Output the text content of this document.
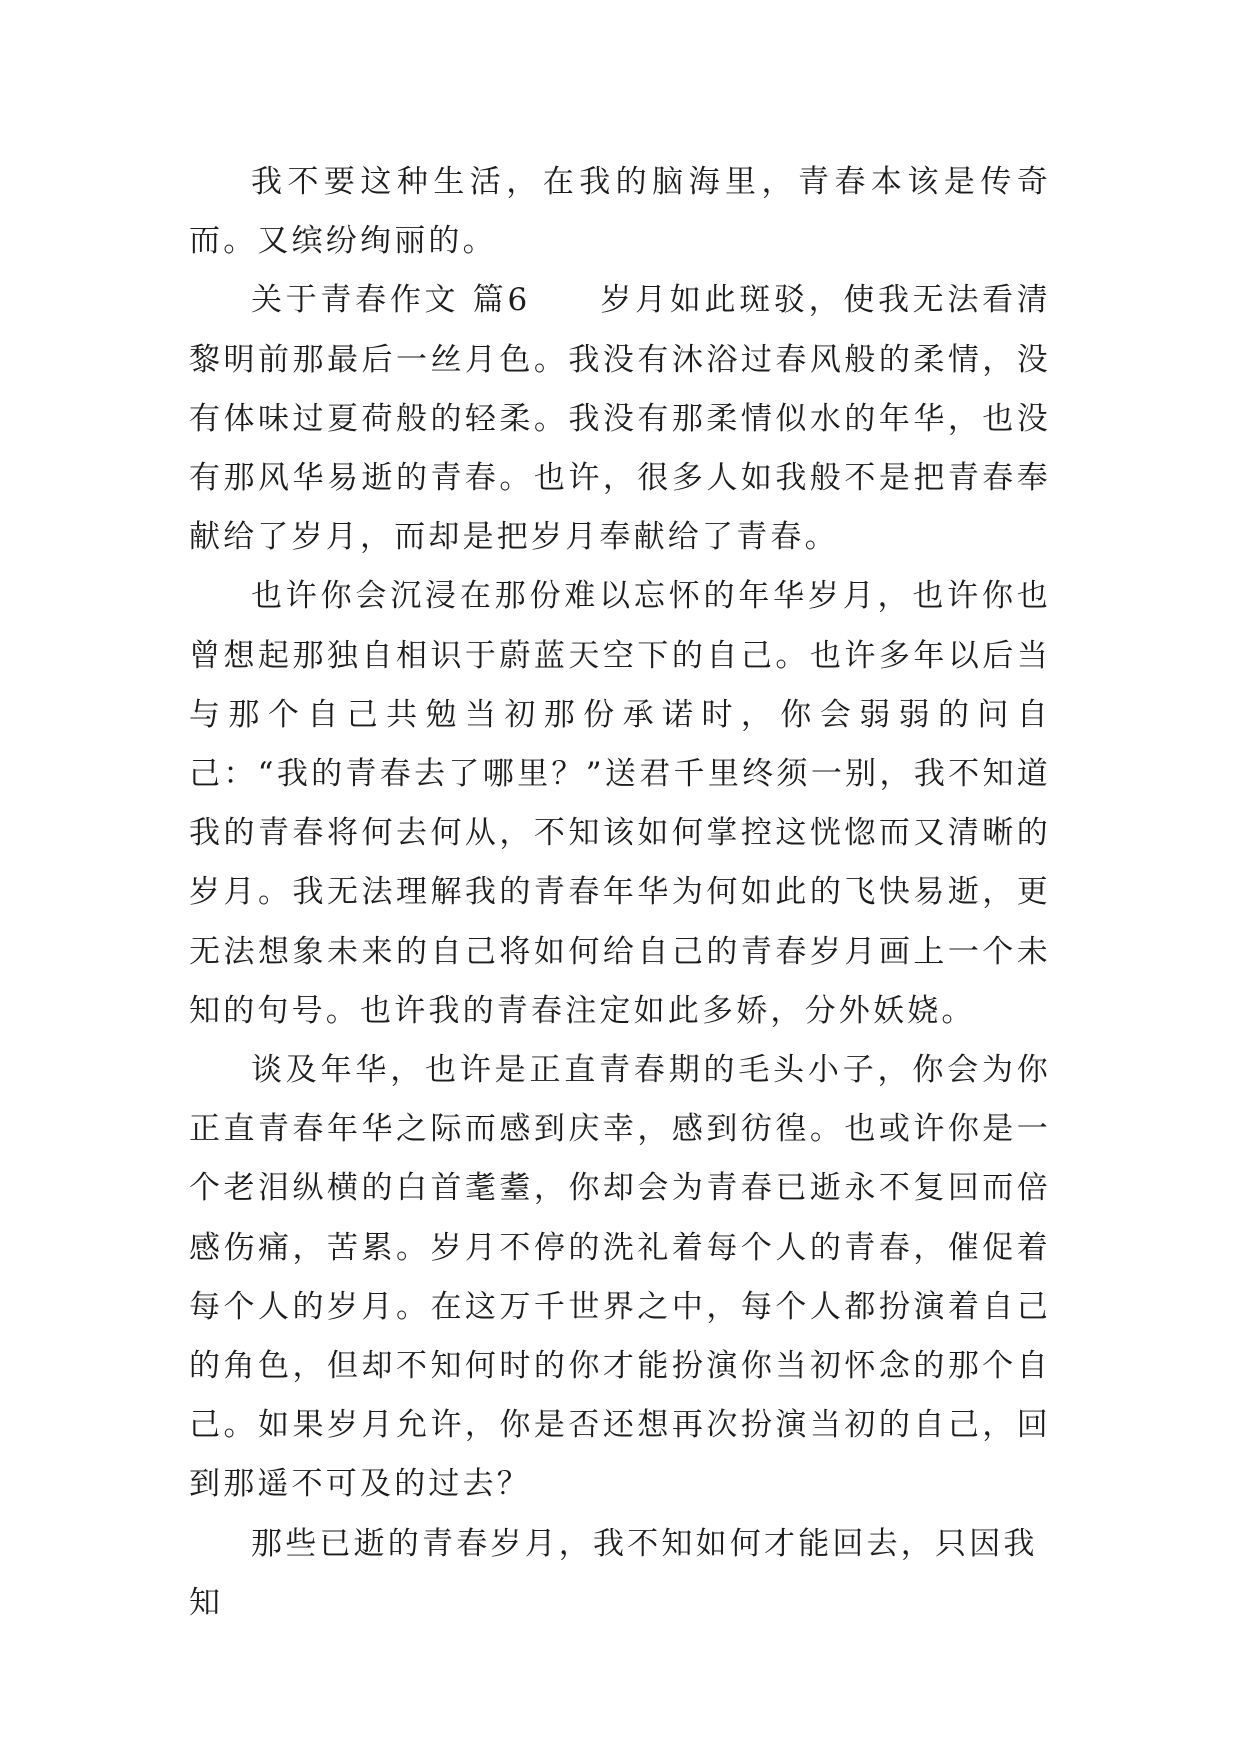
我不要这种生活，在我的脑海里，青春本该是传奇而。又缤纷绚丽的。

关于青春作文 篇6　　岁月如此斑驳，使我无法看清黎明前那最后一丝月色。我没有沐浴过春风般的柔情，没有体味过夏荷般的轻柔。我没有那柔情似水的年华，也没有那风华易逝的青春。也许，很多人如我般不是把青春奉献给了岁月，而却是把岁月奉献给了青春。

也许你会沉浸在那份难以忘怀的年华岁月，也许你也曾想起那独自相识于蔚蓝天空下的自己。也许多年以后当与那个自己共勉当初那份承诺时，你会弱弱的问自己：“我的青春去了哪里？”送君千里终须一别，我不知道我的青春将何去何从，不知该如何掌控这恍惚而又清晰的岁月。我无法理解我的青春年华为何如此的飞快易逝，更无法想象未来的自己将如何给自己的青春岁月画上一个未知的句号。也许我的青春注定如此多娇，分外妖娆。

谈及年华，也许是正直青春期的毛头小子，你会为你正直青春年华之际而感到庆幸，感到彷徨。也或许你是一个老泪纵横的白首耄耋，你却会为青春已逝永不复回而倍感伤痛，苦累。岁月不停的洗礼着每个人的青春，催促着每个人的岁月。在这万千世界之中，每个人都扮演着自己的角色，但却不知何时的你才能扮演你当初怀念的那个自己。如果岁月允许，你是否还想再次扮演当初的自己，回到那遥不可及的过去？

那些已逝的青春岁月，我不知如何才能回去，只因我知
